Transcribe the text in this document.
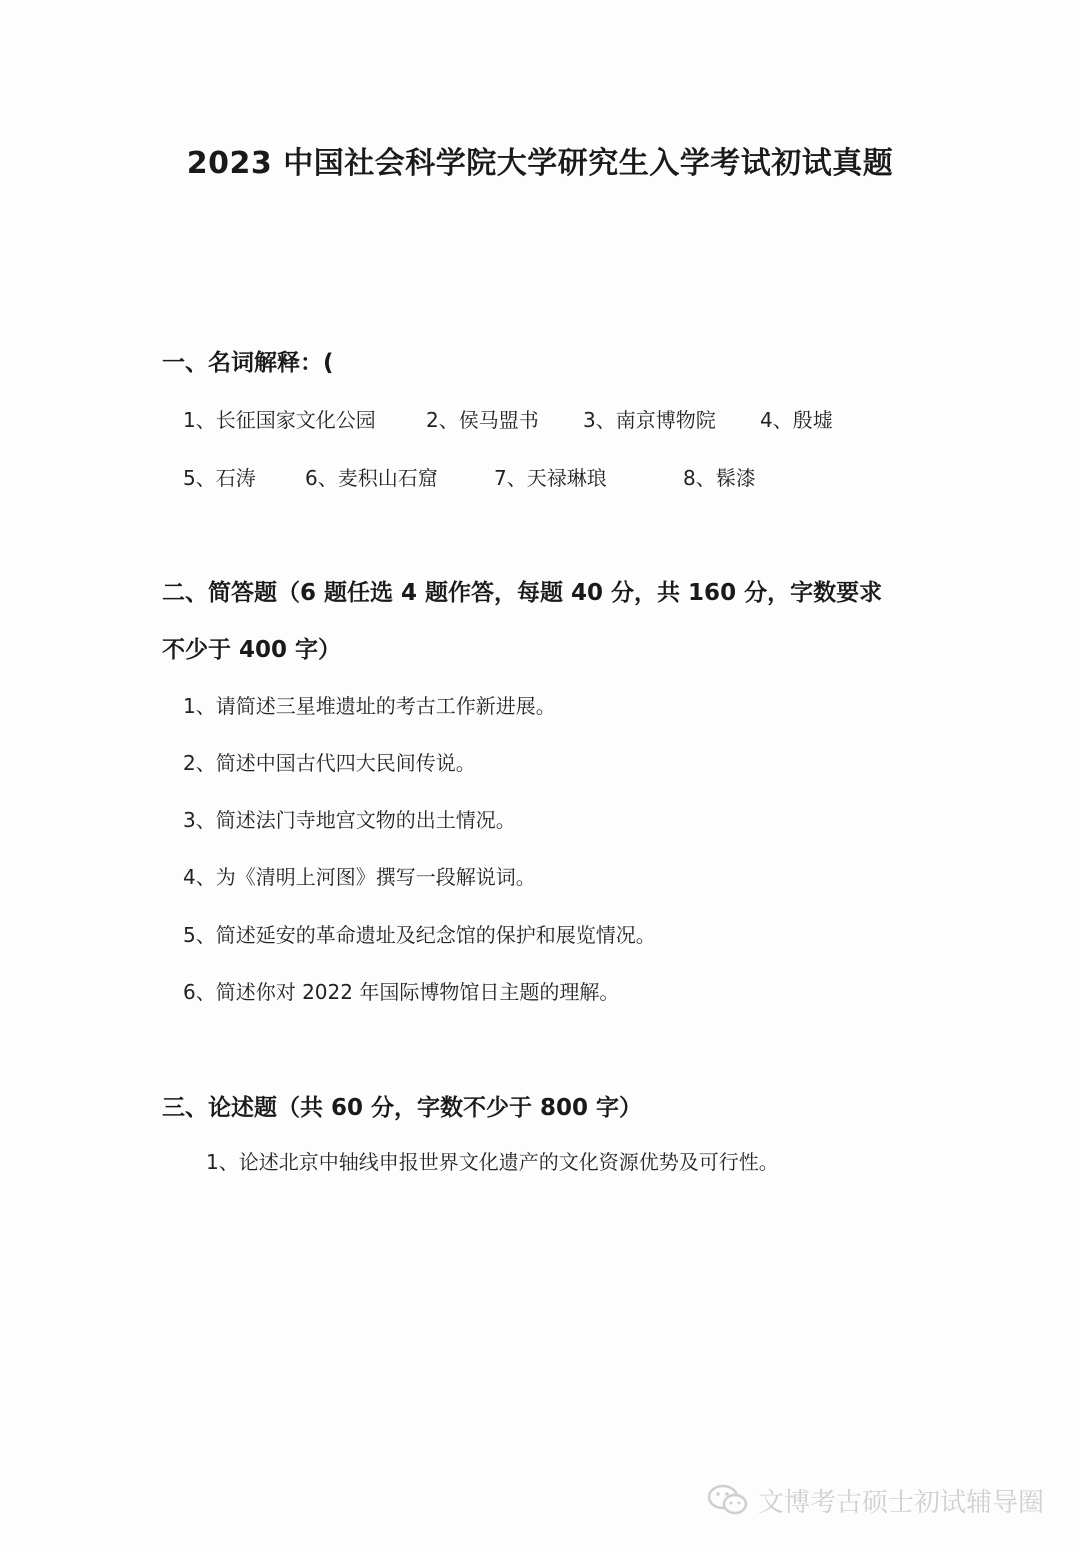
2023 中国社会科学院大学研究生入学考试初试真题
一、名词解释：(
1、长征国家文化公园	2、侯马盟书 3、南京博物院 4、殷墟
5、石涛 6、麦积山石窟	7、天禄琳琅	8、髹漆
二、简答题（6 题任选 4 题作答，每题 40 分，共 160 分，字数要求
不少于 400 字）
1、请简述三星堆遗址的考古工作新进展。
2、简述中国古代四大民间传说。
3、简述法门寺地宫文物的出土情况。
4、为《清明上河图》撰写一段解说词。
5、简述延安的革命遗址及纪念馆的保护和展览情况。
6、简述你对 2022 年国际博物馆日主题的理解。
三、论述题（共 60 分，字数不少于 800 字）
1、论述北京中轴线申报世界文化遗产的文化资源优势及可行性。
文博考古硕士初试辅导圈
